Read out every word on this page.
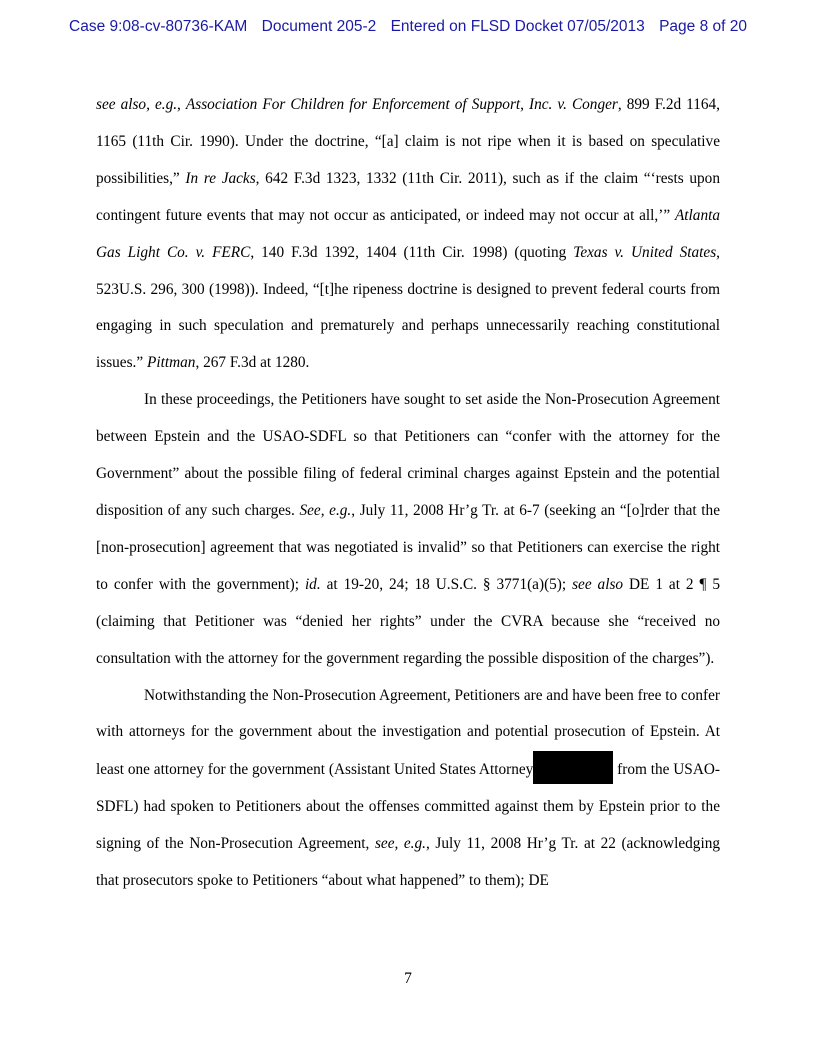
Case 9:08-cv-80736-KAM Document 205-2 Entered on FLSD Docket 07/05/2013 Page 8 of 20

see also, e.g., Association For Children for Enforcement of Support, Inc. v. Conger, 899 F.2d 1164, 1165 (11th Cir. 1990). Under the doctrine, “[a] claim is not ripe when it is based on speculative possibilities,” In re Jacks, 642 F.3d 1323, 1332 (11th Cir. 2011), such as if the claim “‘rests upon contingent future events that may not occur as anticipated, or indeed may not occur at all,’” Atlanta Gas Light Co. v. FERC, 140 F.3d 1392, 1404 (11th Cir. 1998) (quoting Texas v. United States, 523U.S. 296, 300 (1998)). Indeed, “[t]he ripeness doctrine is designed to prevent federal courts from engaging in such speculation and prematurely and perhaps unnecessarily reaching constitutional issues.” Pittman, 267 F.3d at 1280.

In these proceedings, the Petitioners have sought to set aside the Non-Prosecution Agreement between Epstein and the USAO-SDFL so that Petitioners can “confer with the attorney for the Government” about the possible filing of federal criminal charges against Epstein and the potential disposition of any such charges. See, e.g., July 11, 2008 Hr’g Tr. at 6-7 (seeking an “[o]rder that the [non-prosecution] agreement that was negotiated is invalid” so that Petitioners can exercise the right to confer with the government); id. at 19-20, 24; 18 U.S.C. § 3771(a)(5); see also DE 1 at 2 ¶ 5 (claiming that Petitioner was “denied her rights” under the CVRA because she “received no consultation with the attorney for the government regarding the possible disposition of the charges”).

Notwithstanding the Non-Prosecution Agreement, Petitioners are and have been free to confer with attorneys for the government about the investigation and potential prosecution of Epstein. At least one attorney for the government (Assistant United States Attorney	from the USAO-SDFL) had spoken to Petitioners about the offenses committed against them by Epstein prior to the signing of the Non-Prosecution Agreement, see, e.g., July 11, 2008 Hr’g Tr. at 22 (acknowledging that prosecutors spoke to Petitioners “about what happened” to them); DE

7
